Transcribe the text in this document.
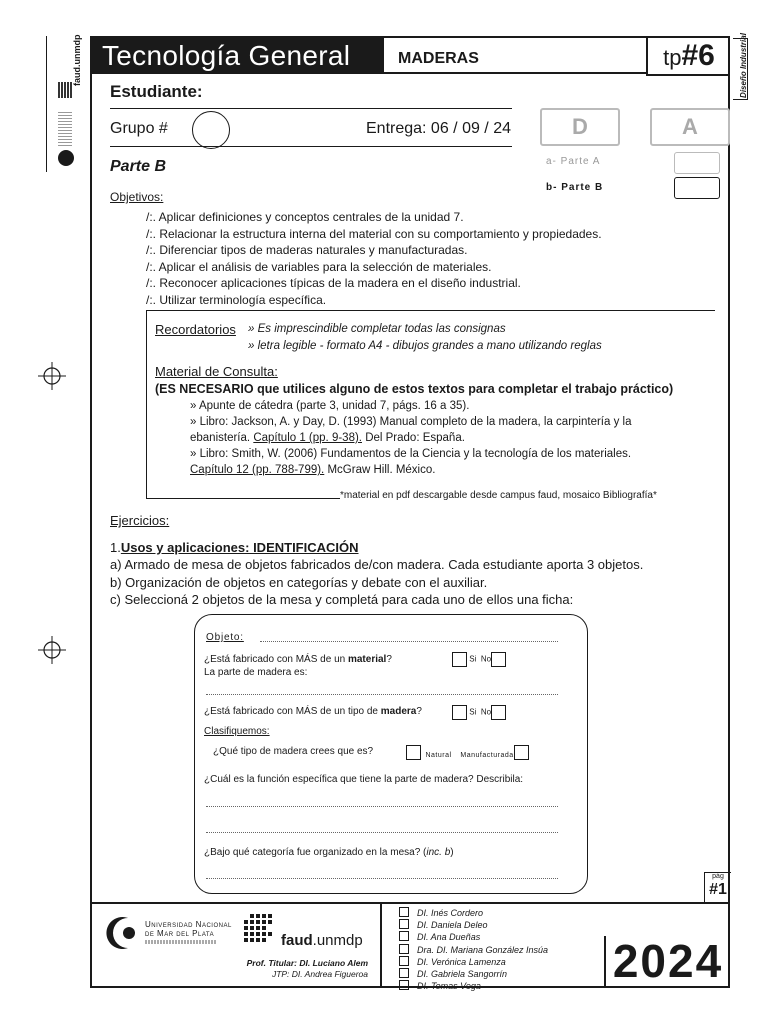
faud.unmdp Tecnología General	MADERAS	tp#6	Diseño Industrial
Estudiante:
Grupo #	Entrega: 06 / 09 / 24	D	A
a- Parte A
b- Parte B
Parte B
Objetivos:
/:. Aplicar definiciones y conceptos centrales de la unidad 7.
/:. Relacionar la estructura interna del material con su comportamiento y propiedades.
/:. Diferenciar tipos de maderas naturales y manufacturadas.
/:. Aplicar el análisis de variables para la selección de materiales.
/:. Reconocer aplicaciones típicas de la madera en el diseño industrial.
/:. Utilizar terminología específica.
Recordatorios » Es imprescindible completar todas las consignas
» letra legible - formato A4 - dibujos grandes a mano utilizando reglas
Material de Consulta:
(ES NECESARIO que utilices alguno de estos textos para completar el trabajo práctico)
» Apunte de cátedra (parte 3, unidad 7, págs. 16 a 35).
» Libro: Jackson, A. y Day, D. (1993) Manual completo de la madera, la carpintería y la
ebanistería. Capítulo 1 (pp. 9-38). Del Prado: España.
» Libro: Smith, W. (2006) Fundamentos de la Ciencia y la tecnología de los materiales.
Capítulo 12 (pp. 788-799). McGraw Hill. México.
*material en pdf descargable desde campus faud, mosaico Bibliografía*
Ejercicios:
1.Usos y aplicaciones: IDENTIFICACIÓN
a) Armado de mesa de objetos fabricados de/con madera. Cada estudiante aporta 3 objetos.
b) Organización de objetos en categorías y debate con el auxiliar.
c) Seleccioná 2 objetos de la mesa y completá para cada uno de ellos una ficha:
Objeto:
¿Está fabricado con MÁS de un material?	Si No
La parte de madera es:
¿Está fabricado con MÁS de un tipo de madera?	Si No
Clasifiquemos:
¿Qué tipo de madera crees que es?	Natural Manufacturada
¿Cuál es la función específica que tiene la parte de madera? Describila:
¿Bajo qué categoría fue organizado en la mesa? (inc. b)
pág
#1
Universidad Nacional
de Mar del Plata	faud.unmdp
Prof. Titular: DI. Luciano Alem
JTP: DI. Andrea Figueroa
DI. Inés Cordero
DI. Daniela Deleo
DI. Ana Dueñas
Dra. DI. Mariana González Insúa
DI. Verónica Lamenza
DI. Gabriela Sangorrín
DI. Tomas Vega	2024
